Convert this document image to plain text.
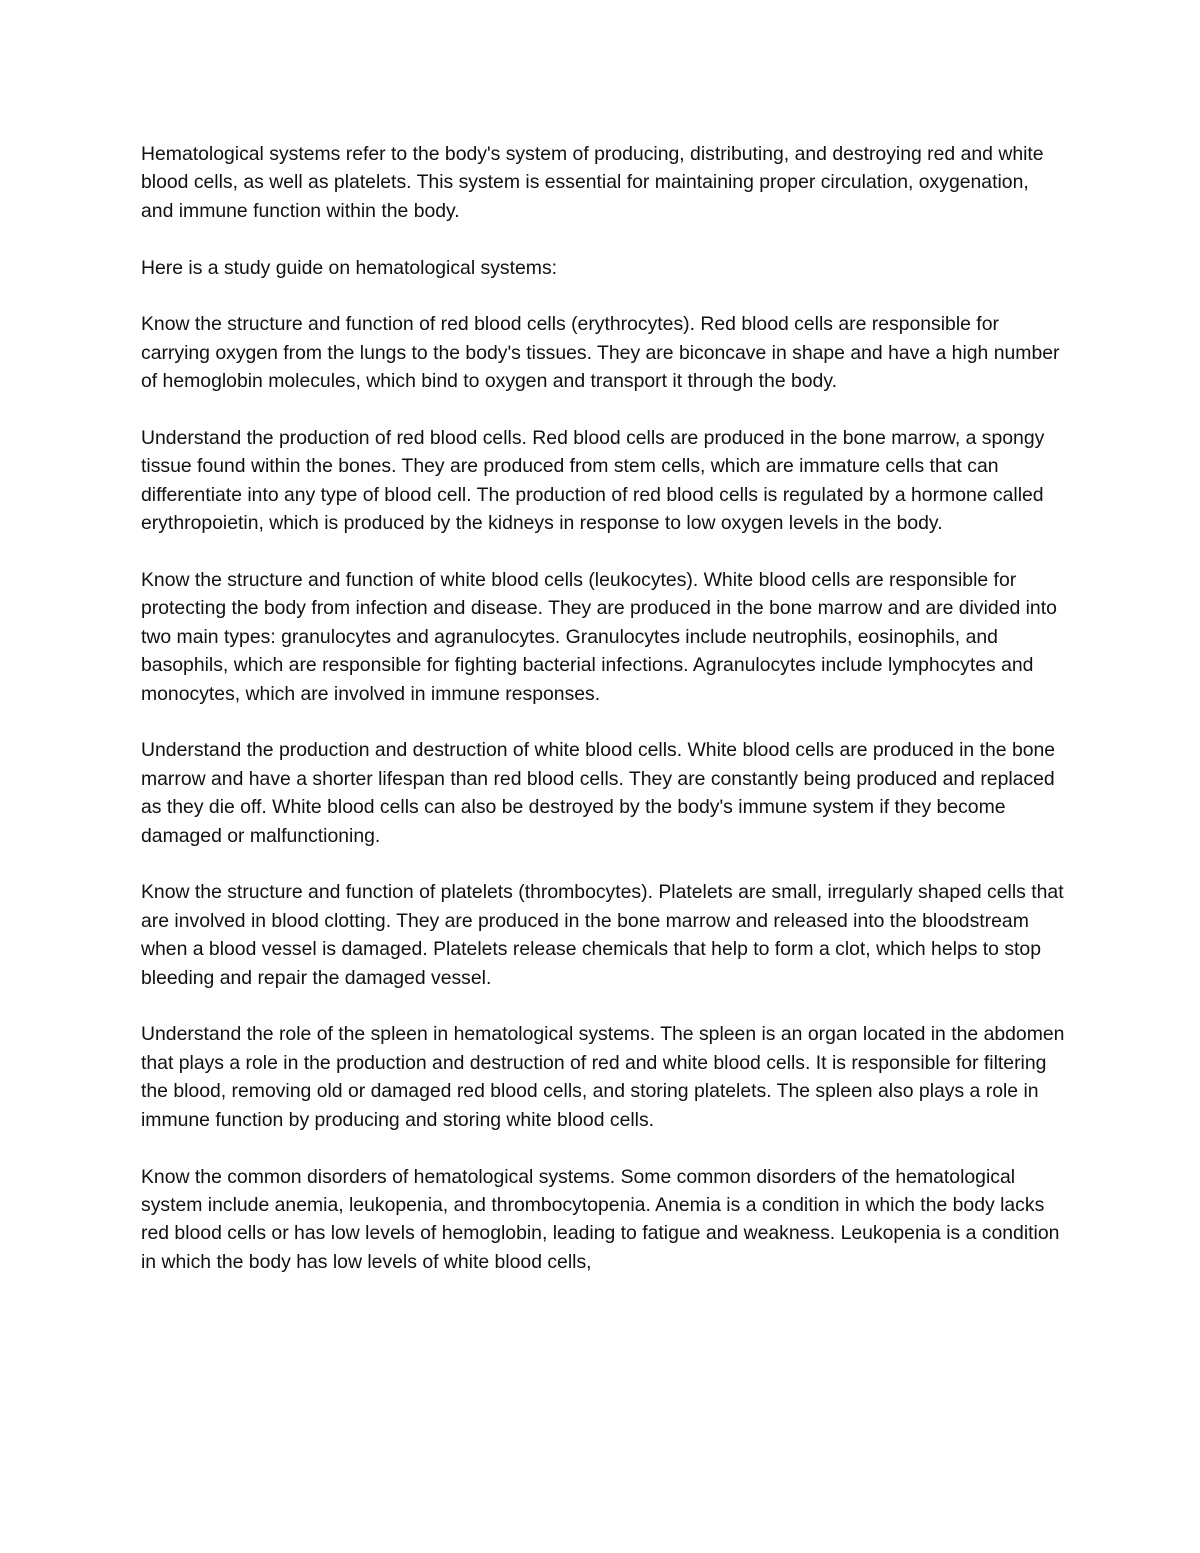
Hematological systems refer to the body's system of producing, distributing, and destroying red and white blood cells, as well as platelets. This system is essential for maintaining proper circulation, oxygenation, and immune function within the body.

Here is a study guide on hematological systems:

Know the structure and function of red blood cells (erythrocytes). Red blood cells are responsible for carrying oxygen from the lungs to the body's tissues. They are biconcave in shape and have a high number of hemoglobin molecules, which bind to oxygen and transport it through the body.

Understand the production of red blood cells. Red blood cells are produced in the bone marrow, a spongy tissue found within the bones. They are produced from stem cells, which are immature cells that can differentiate into any type of blood cell. The production of red blood cells is regulated by a hormone called erythropoietin, which is produced by the kidneys in response to low oxygen levels in the body.

Know the structure and function of white blood cells (leukocytes). White blood cells are responsible for protecting the body from infection and disease. They are produced in the bone marrow and are divided into two main types: granulocytes and agranulocytes. Granulocytes include neutrophils, eosinophils, and basophils, which are responsible for fighting bacterial infections. Agranulocytes include lymphocytes and monocytes, which are involved in immune responses.

Understand the production and destruction of white blood cells. White blood cells are produced in the bone marrow and have a shorter lifespan than red blood cells. They are constantly being produced and replaced as they die off. White blood cells can also be destroyed by the body's immune system if they become damaged or malfunctioning.

Know the structure and function of platelets (thrombocytes). Platelets are small, irregularly shaped cells that are involved in blood clotting. They are produced in the bone marrow and released into the bloodstream when a blood vessel is damaged. Platelets release chemicals that help to form a clot, which helps to stop bleeding and repair the damaged vessel.

Understand the role of the spleen in hematological systems. The spleen is an organ located in the abdomen that plays a role in the production and destruction of red and white blood cells. It is responsible for filtering the blood, removing old or damaged red blood cells, and storing platelets. The spleen also plays a role in immune function by producing and storing white blood cells.

Know the common disorders of hematological systems. Some common disorders of the hematological system include anemia, leukopenia, and thrombocytopenia. Anemia is a condition in which the body lacks red blood cells or has low levels of hemoglobin, leading to fatigue and weakness. Leukopenia is a condition in which the body has low levels of white blood cells,
